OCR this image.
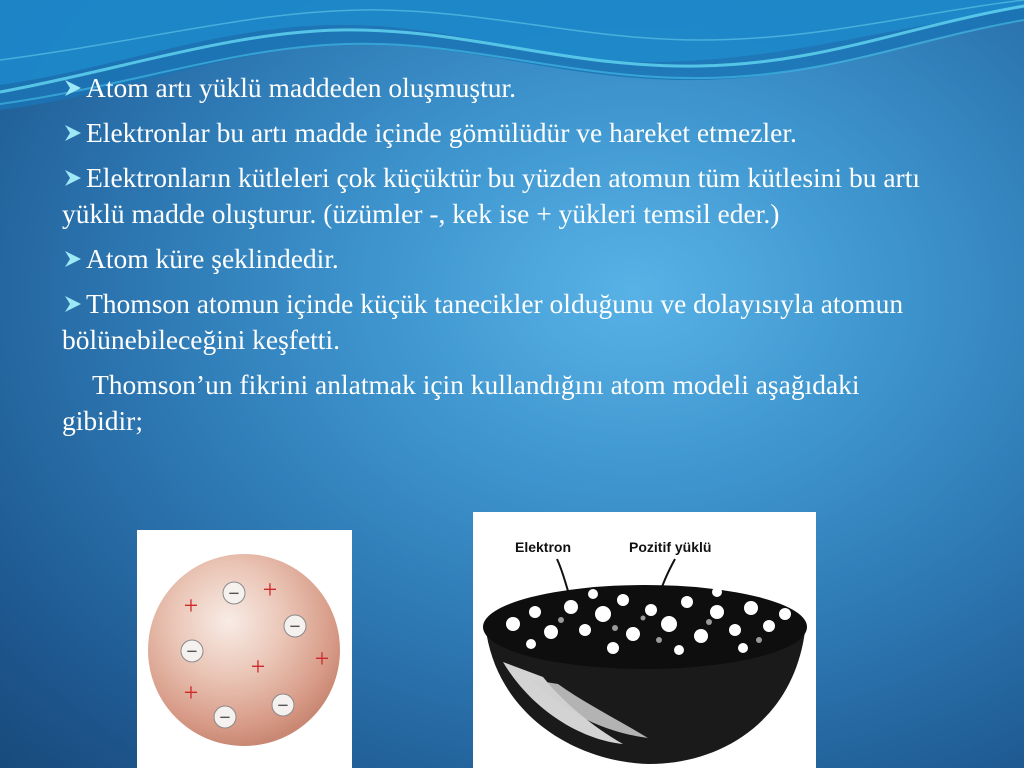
Atom artı yüklü maddeden oluşmuştur.

Elektronlar bu artı madde içinde gömülüdür ve hareket etmezler.

Elektronların kütleleri çok küçüktür bu yüzden atomun tüm kütlesini bu artı yüklü madde oluşturur. (üzümler -, kek ise + yükleri temsil eder.)

Atom küre şeklindedir.

Thomson atomun içinde küçük tanecikler olduğunu ve dolayısıyla atomun bölünebileceğini keşfetti.

Thomson’un fikrini anlatmak için kullandığını atom modeli aşağıdaki gibidir;

−
−
−
−
−
+
+
+ +
+
Elektron	Pozitif yüklü
